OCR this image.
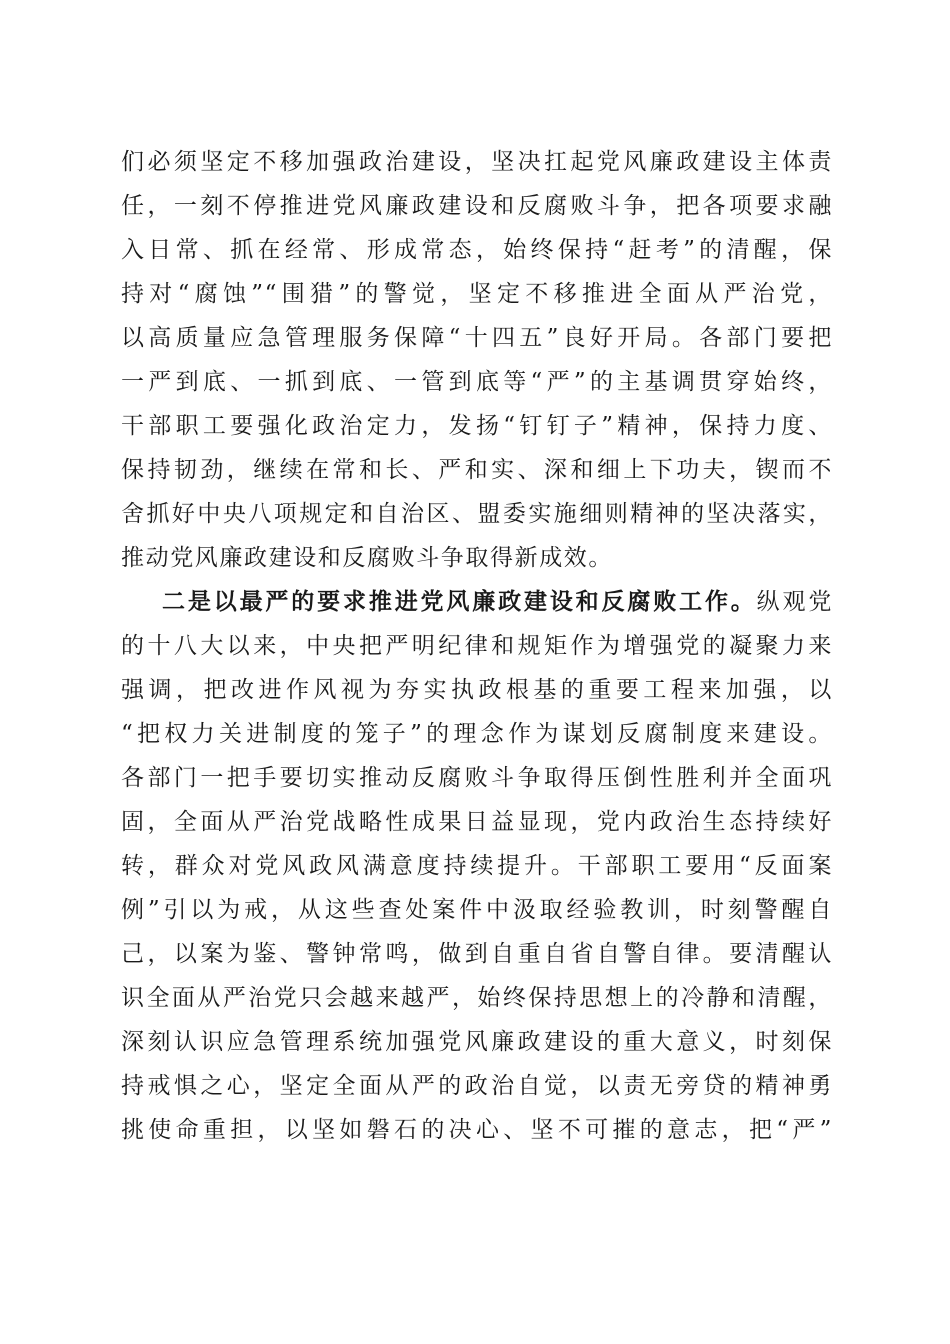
们必须坚定不移加强政治建设，坚决扛起党风廉政建设主体责
任，一刻不停推进党风廉政建设和反腐败斗争，把各项要求融
入日常、抓在经常、形成常态，始终保持“赶考”的清醒，保
持对“腐蚀”“围猎”的警觉，坚定不移推进全面从严治党，
以高质量应急管理服务保障“十四五”良好开局。各部门要把
一严到底、一抓到底、一管到底等“严”的主基调贯穿始终，
干部职工要强化政治定力，发扬“钉钉子”精神，保持力度、
保持韧劲，继续在常和长、严和实、深和细上下功夫，锲而不
舍抓好中央八项规定和自治区、盟委实施细则精神的坚决落实，
推动党风廉政建设和反腐败斗争取得新成效。
二是以最严的要求推进党风廉政建设和反腐败工作。纵观党
的十八大以来，中央把严明纪律和规矩作为增强党的凝聚力来
强调，把改进作风视为夯实执政根基的重要工程来加强，以
“把权力关进制度的笼子”的理念作为谋划反腐制度来建设。
各部门一把手要切实推动反腐败斗争取得压倒性胜利并全面巩
固，全面从严治党战略性成果日益显现，党内政治生态持续好
转，群众对党风政风满意度持续提升。干部职工要用“反面案
例”引以为戒，从这些查处案件中汲取经验教训，时刻警醒自
己，以案为鉴、警钟常鸣，做到自重自省自警自律。要清醒认
识全面从严治党只会越来越严，始终保持思想上的冷静和清醒，
深刻认识应急管理系统加强党风廉政建设的重大意义，时刻保
持戒惧之心，坚定全面从严的政治自觉，以责无旁贷的精神勇
挑使命重担，以坚如磐石的决心、坚不可摧的意志，把“严”
